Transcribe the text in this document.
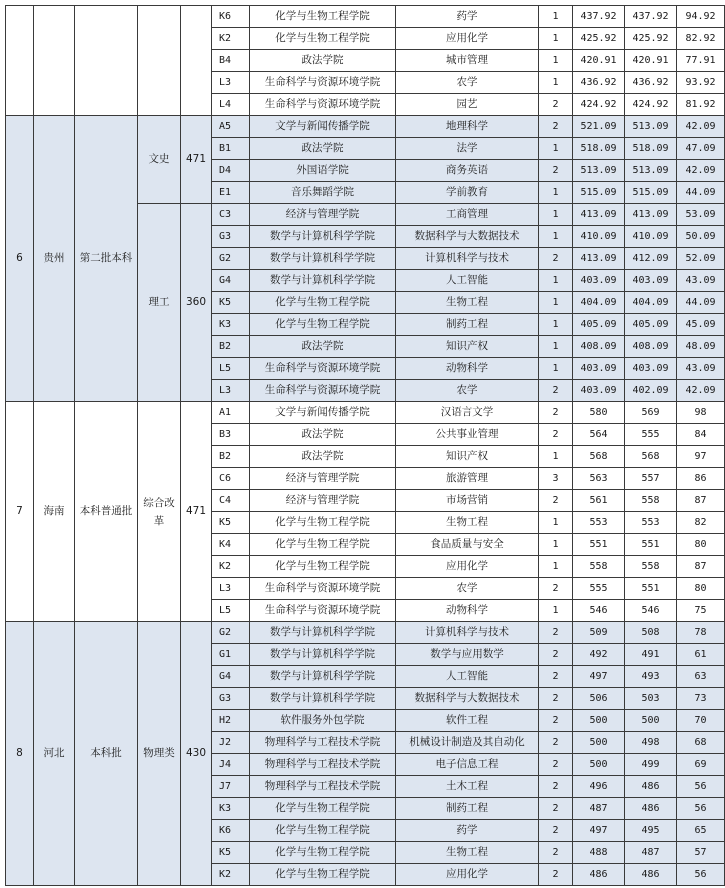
					K6	化学与生物工程学院	药学	1	437.92	437.92	94.92
					K2	化学与生物工程学院	应用化学	1	425.92	425.92	82.92
					B4	政法学院	城市管理	1	420.91	420.91	77.91
					L3	生命科学与资源环境学院	农学	1	436.92	436.92	93.92
					L4	生命科学与资源环境学院	园艺	2	424.92	424.92	81.92
6	贵州	第二批本科	文史	471	A5	文学与新闻传播学院	地理科学	2	521.09	513.09	42.09
					B1	政法学院	法学	1	518.09	518.09	47.09
					D4	外国语学院	商务英语	2	513.09	513.09	42.09
					E1	音乐舞蹈学院	学前教育	1	515.09	515.09	44.09
			理工	360	C3	经济与管理学院	工商管理	1	413.09	413.09	53.09
					G3	数学与计算机科学学院	数据科学与大数据技术	1	410.09	410.09	50.09
					G2	数学与计算机科学学院	计算机科学与技术	2	413.09	412.09	52.09
					G4	数学与计算机科学学院	人工智能	1	403.09	403.09	43.09
					K5	化学与生物工程学院	生物工程	1	404.09	404.09	44.09
					K3	化学与生物工程学院	制药工程	1	405.09	405.09	45.09
					B2	政法学院	知识产权	1	408.09	408.09	48.09
					L5	生命科学与资源环境学院	动物科学	1	403.09	403.09	43.09
					L3	生命科学与资源环境学院	农学	2	403.09	402.09	42.09
7	海南	本科普通批	综合改革	471	A1	文学与新闻传播学院	汉语言文学	2	580	569	98
					B3	政法学院	公共事业管理	2	564	555	84
					B2	政法学院	知识产权	1	568	568	97
					C6	经济与管理学院	旅游管理	3	563	557	86
					C4	经济与管理学院	市场营销	2	561	558	87
					K5	化学与生物工程学院	生物工程	1	553	553	82
					K4	化学与生物工程学院	食品质量与安全	1	551	551	80
					K2	化学与生物工程学院	应用化学	1	558	558	87
					L3	生命科学与资源环境学院	农学	2	555	551	80
					L5	生命科学与资源环境学院	动物科学	1	546	546	75
8	河北	本科批	物理类	430	G2	数学与计算机科学学院	计算机科学与技术	2	509	508	78
					G1	数学与计算机科学学院	数学与应用数学	2	492	491	61
					G4	数学与计算机科学学院	人工智能	2	497	493	63
					G3	数学与计算机科学学院	数据科学与大数据技术	2	506	503	73
					H2	软件服务外包学院	软件工程	2	500	500	70
					J2	物理科学与工程技术学院	机械设计制造及其自动化	2	500	498	68
					J4	物理科学与工程技术学院	电子信息工程	2	500	499	69
					J7	物理科学与工程技术学院	土木工程	2	496	486	56
					K3	化学与生物工程学院	制药工程	2	487	486	56
					K6	化学与生物工程学院	药学	2	497	495	65
					K5	化学与生物工程学院	生物工程	2	488	487	57
					K2	化学与生物工程学院	应用化学	2	486	486	56
